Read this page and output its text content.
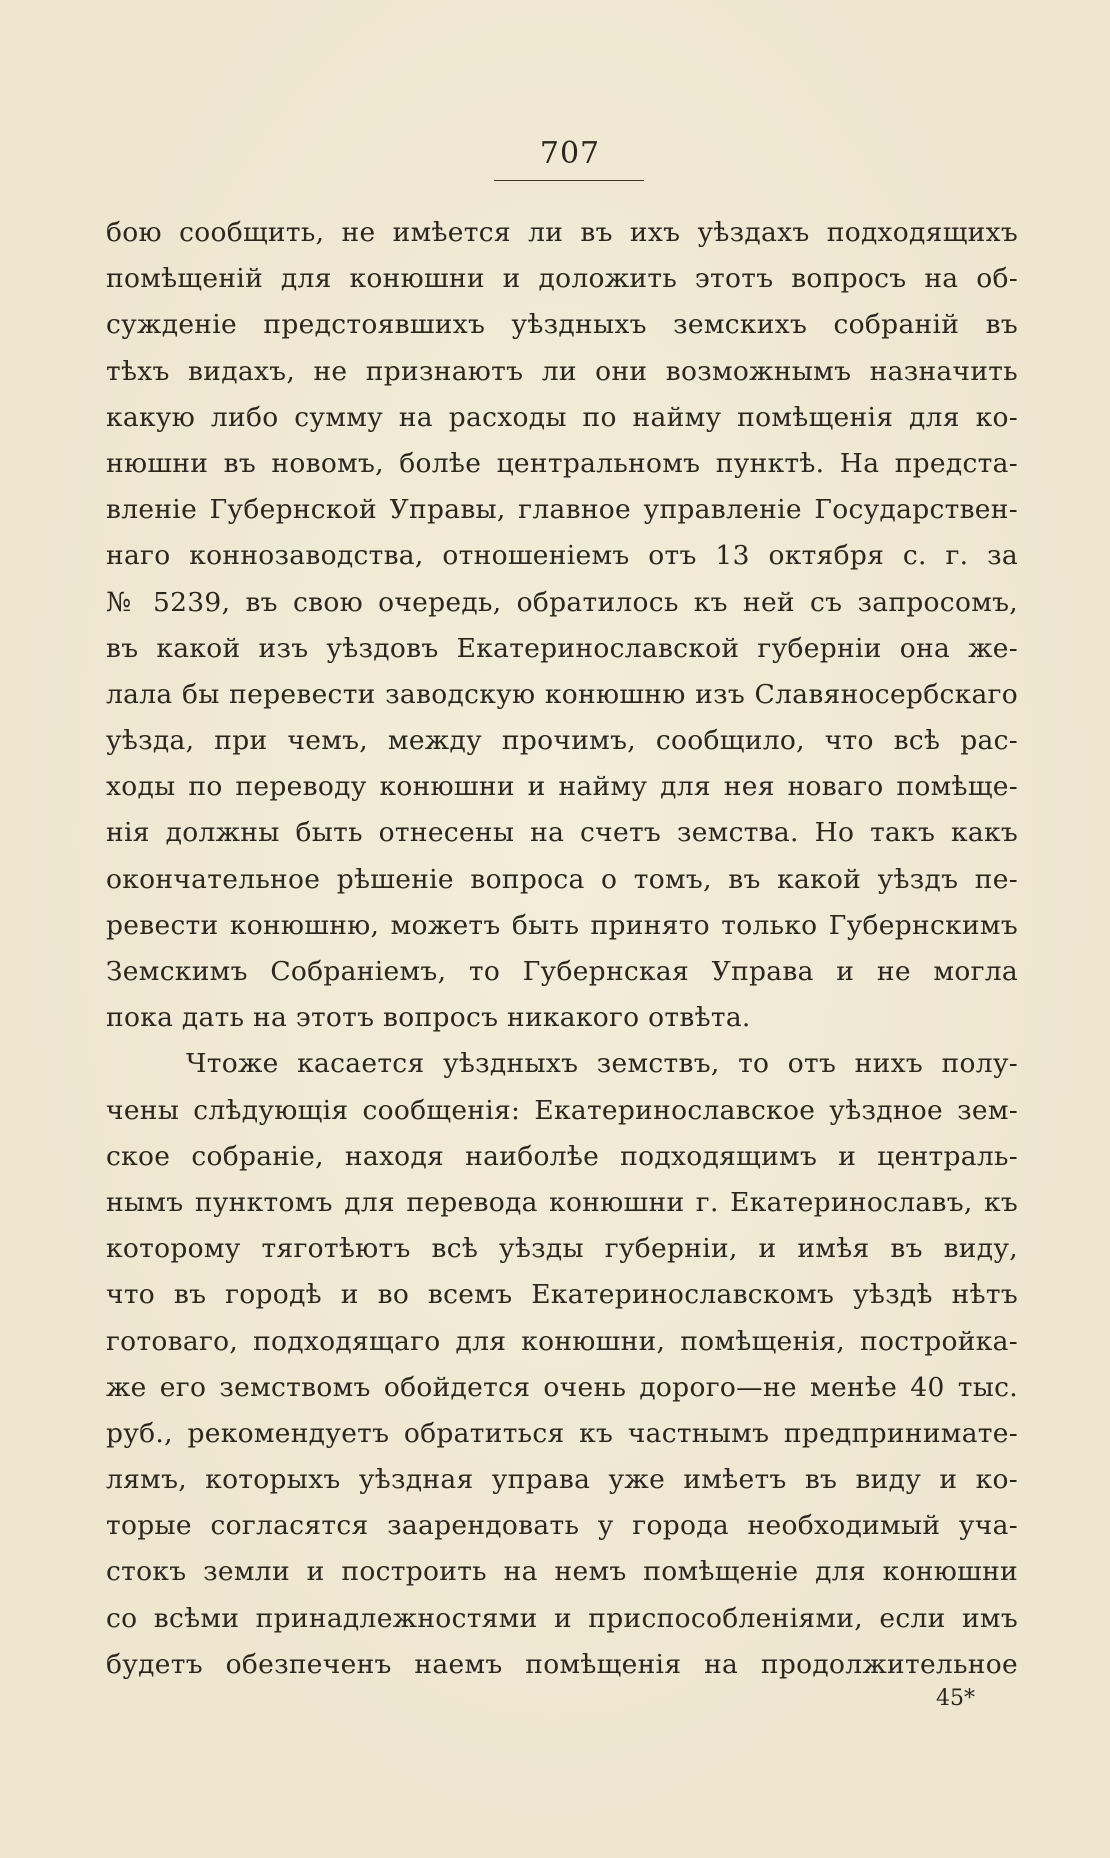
707
бою сообщить, не имѣется ли въ ихъ уѣздахъ подходящихъ
помѣщеній для конюшни и доложить этотъ вопросъ на об-
сужденіе предстоявшихъ уѣздныхъ земскихъ собраній въ
тѣхъ видахъ, не признаютъ ли они возможнымъ назначить
какую либо сумму на расходы по найму помѣщенія для ко-
нюшни въ новомъ, болѣе центральномъ пунктѣ. На предста-
вленіе Губернской Управы, главное управленіе Государствен-
наго коннозаводства, отношеніемъ отъ 13 октября с. г. за
№ 5239, въ свою очередь, обратилось къ ней съ запросомъ,
въ какой изъ уѣздовъ Екатеринославской губерніи она же-
лала бы перевести заводскую конюшню изъ Славяносербскаго
уѣзда, при чемъ, между прочимъ, сообщило, что всѣ рас-
ходы по переводу конюшни и найму для нея новаго помѣще-
нія должны быть отнесены на счетъ земства. Но такъ какъ
окончательное рѣшеніе вопроса о томъ, въ какой уѣздъ пе-
ревести конюшню, можетъ быть принято только Губернскимъ
Земскимъ Собраніемъ, то Губернская Управа и не могла
пока дать на этотъ вопросъ никакого отвѣта.
Чтоже касается уѣздныхъ земствъ, то отъ нихъ полу-
чены слѣдующія сообщенія: Екатеринославское уѣздное зем-
ское собраніе, находя наиболѣе подходящимъ и централь-
нымъ пунктомъ для перевода конюшни г. Екатеринославъ, къ
которому тяготѣютъ всѣ уѣзды губерніи, и имѣя въ виду,
что въ городѣ и во всемъ Екатеринославскомъ уѣздѣ нѣтъ
готоваго, подходящаго для конюшни, помѣщенія, постройка-
же его земствомъ обойдется очень дорого—не менѣе 40 тыс.
руб., рекомендуетъ обратиться къ частнымъ предпринимате-
лямъ, которыхъ уѣздная управа уже имѣетъ въ виду и ко-
торые согласятся заарендовать у города необходимый уча-
стокъ земли и построить на немъ помѣщеніе для конюшни
со всѣми принадлежностями и приспособленіями, если имъ
будетъ обезпеченъ наемъ помѣщенія на продолжительное
45*
